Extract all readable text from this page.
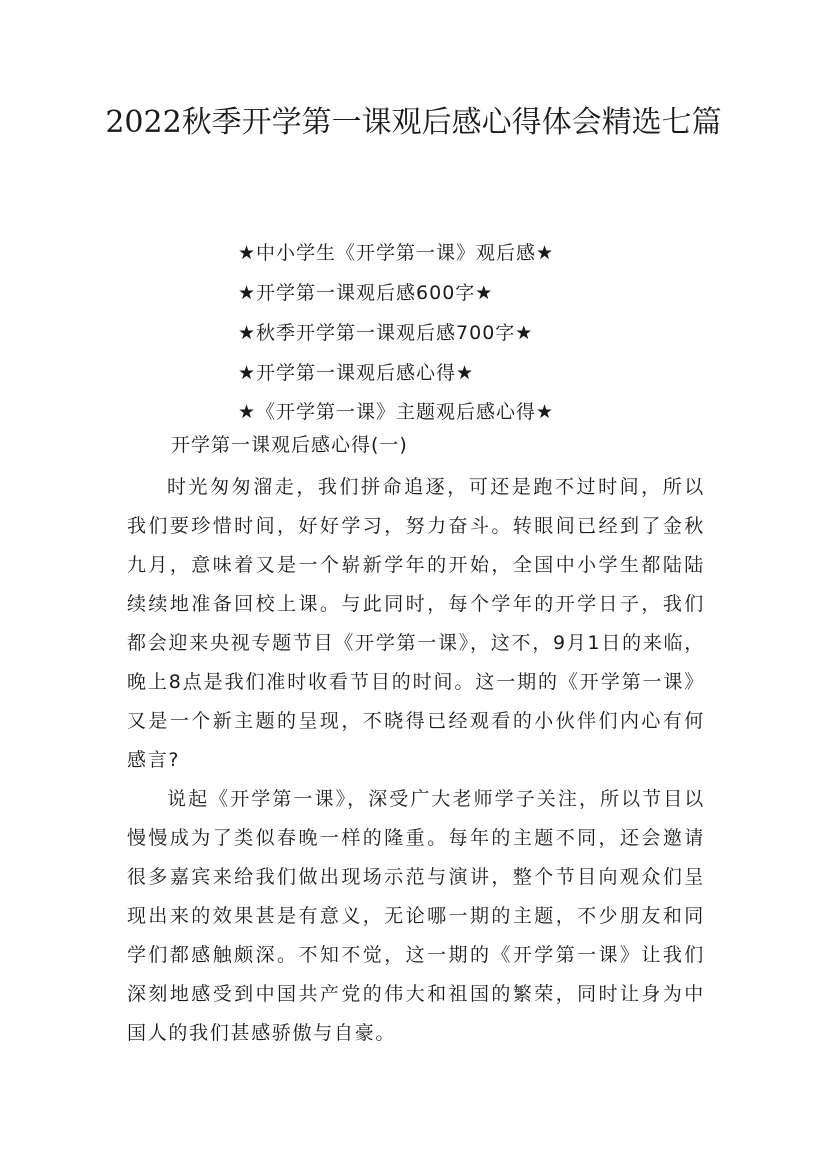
2022秋季开学第一课观后感心得体会精选七篇
★中小学生《开学第一课》观后感★
★开学第一课观后感600字★
★秋季开学第一课观后感700字★
★开学第一课观后感心得★
★《开学第一课》主题观后感心得★
开学第一课观后感心得(一)

时光匆匆溜走，我们拼命追逐，可还是跑不过时间，所以我们要珍惜时间，好好学习，努力奋斗。转眼间已经到了金秋九月，意味着又是一个崭新学年的开始，全国中小学生都陆陆续续地准备回校上课。与此同时，每个学年的开学日子，我们都会迎来央视专题节目《开学第一课》，这不，9月1日的来临，晚上8点是我们准时收看节目的时间。这一期的《开学第一课》又是一个新主题的呈现，不晓得已经观看的小伙伴们内心有何感言?

说起《开学第一课》，深受广大老师学子关注，所以节目以慢慢成为了类似春晚一样的隆重。每年的主题不同，还会邀请很多嘉宾来给我们做出现场示范与演讲，整个节目向观众们呈现出来的效果甚是有意义，无论哪一期的主题，不少朋友和同学们都感触颇深。不知不觉，这一期的《开学第一课》让我们深刻地感受到中国共产党的伟大和祖国的繁荣，同时让身为中国人的我们甚感骄傲与自豪。
